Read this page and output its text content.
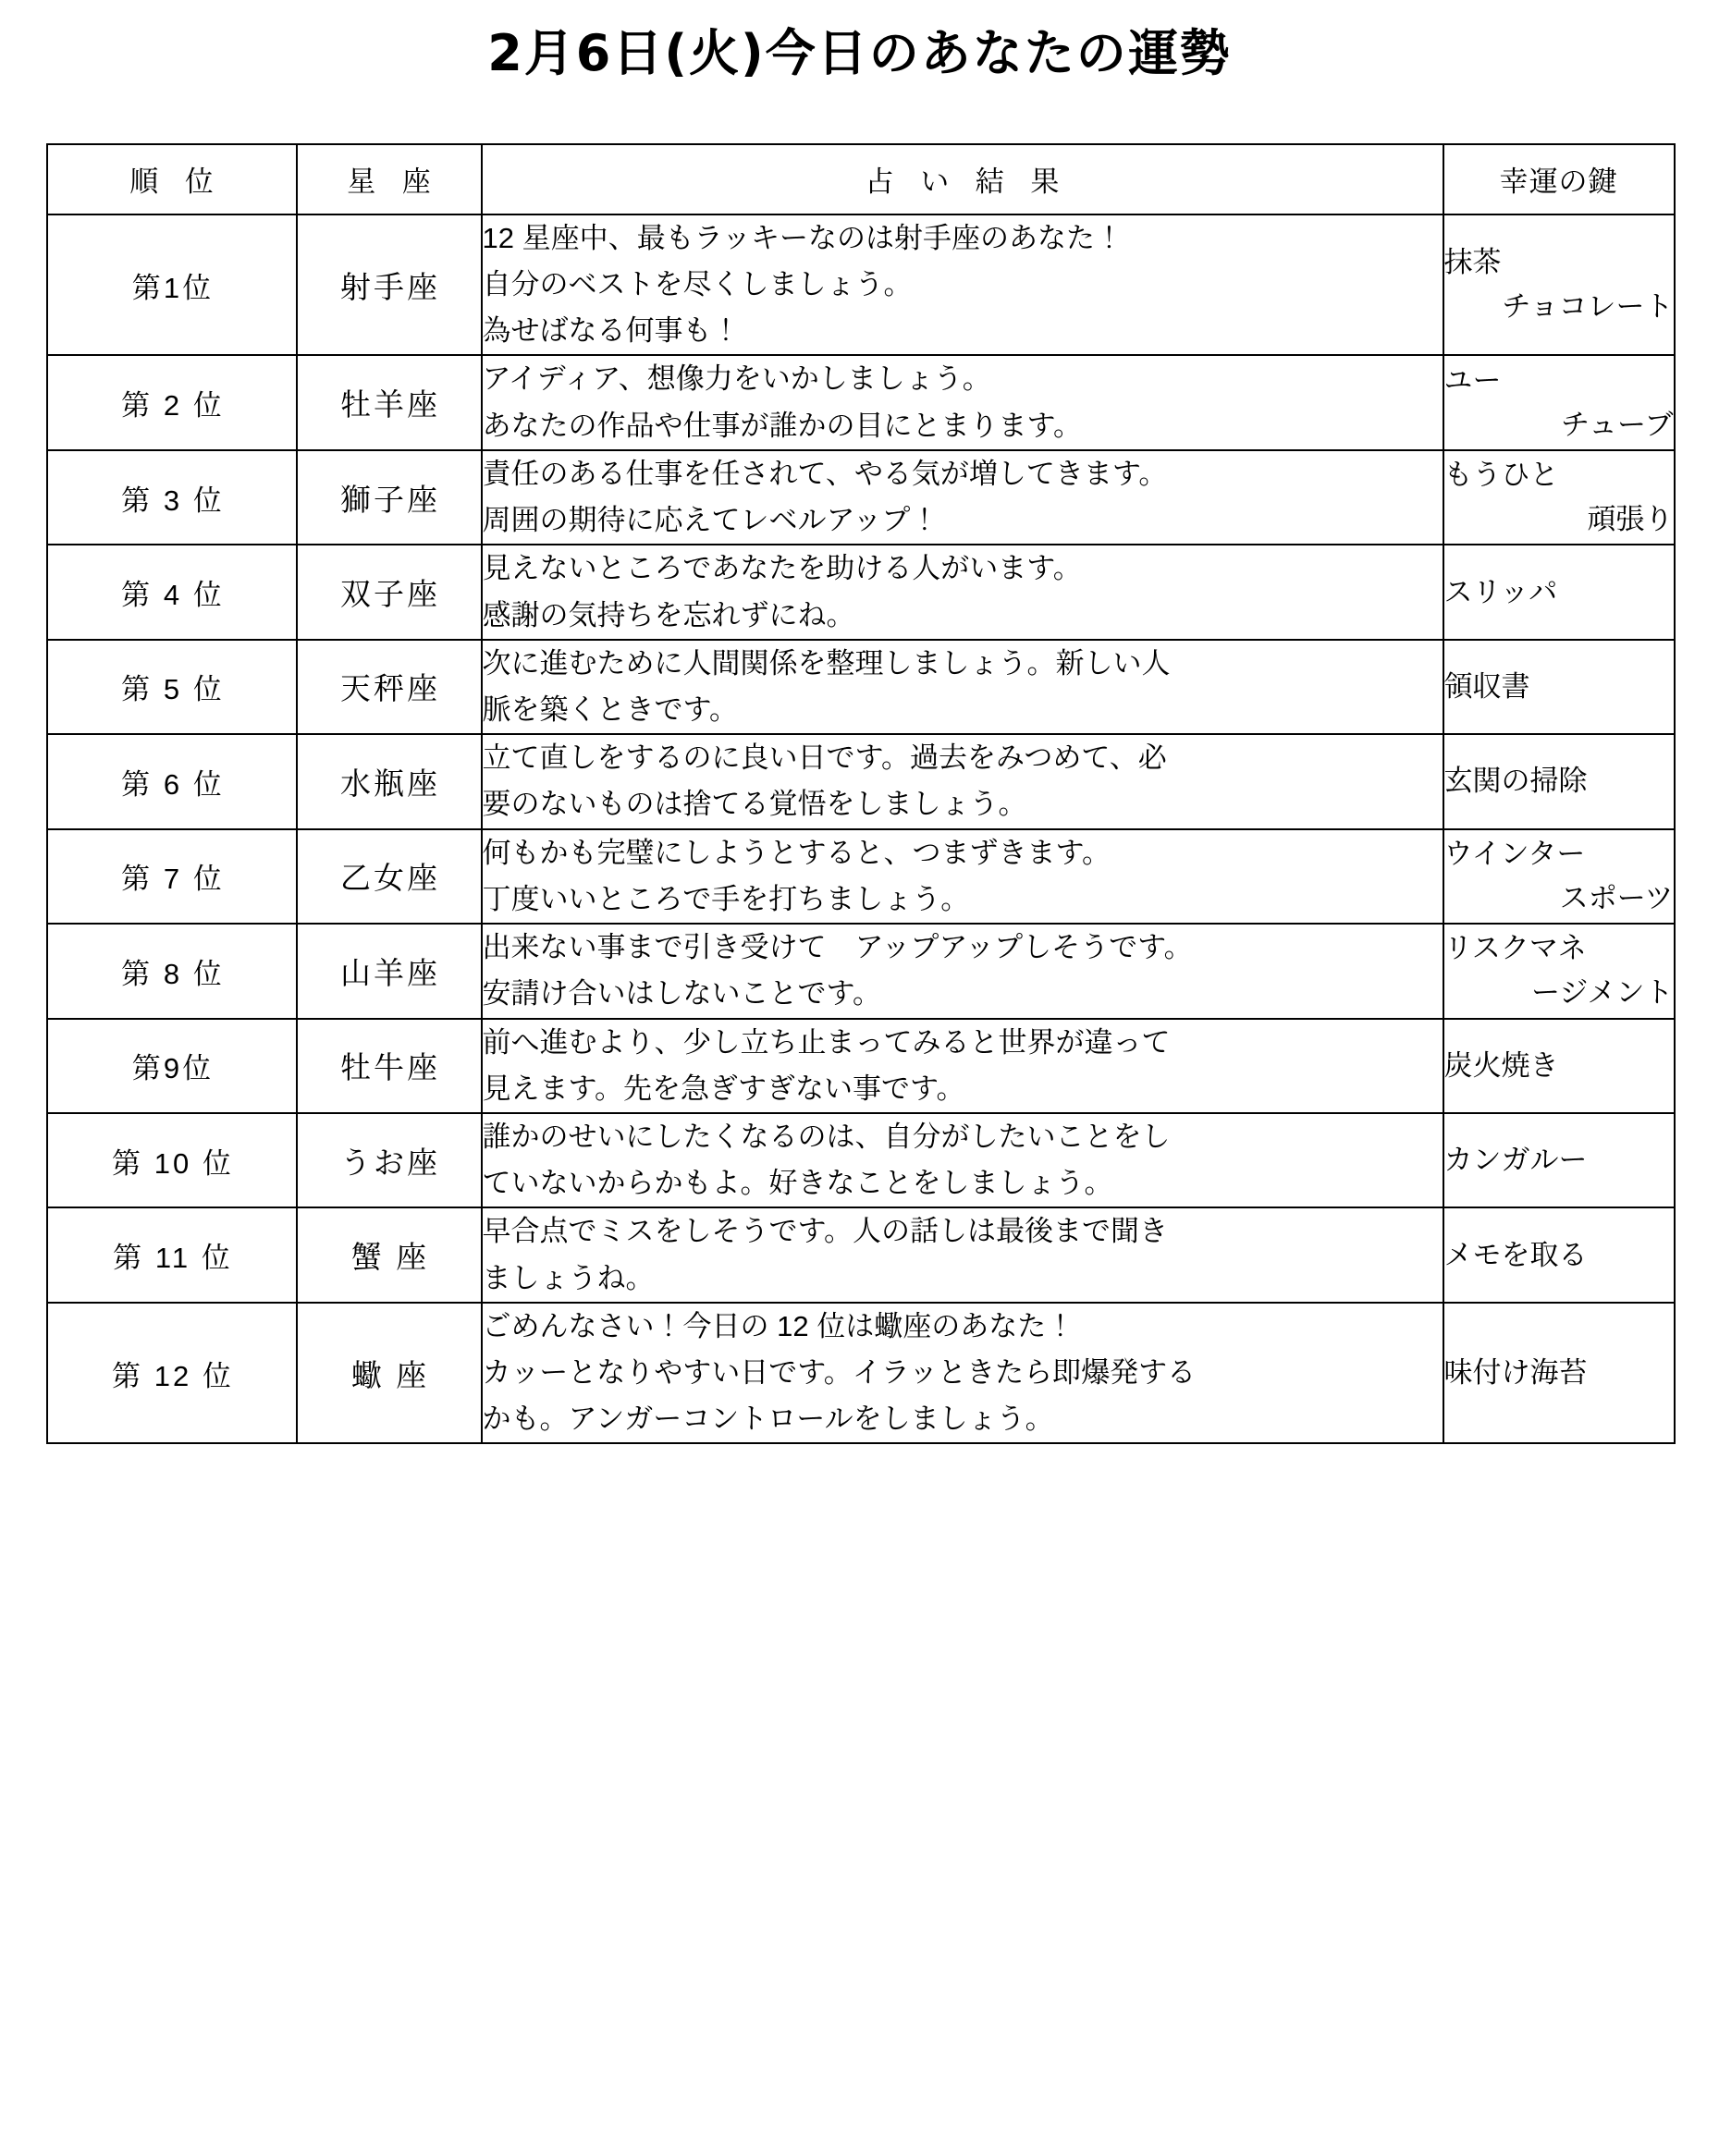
2月6日(火)今日のあなたの運勢
順 位	星 座	占 い 結 果	幸運の鍵
第1位	射手座	12 星座中、最もラッキーなのは射手座のあなた！
自分のベストを尽くしましょう。
為せばなる何事も！	抹茶
チョコレート

第 2 位	牡羊座	アイディア、想像力をいかしましょう。
あなたの作品や仕事が誰かの目にとまります。	ユー
チューブ

第 3 位	獅子座	責任のある仕事を任されて、やる気が増してきます。
周囲の期待に応えてレベルアップ！	もうひと
頑張り

第 4 位	双子座	見えないところであなたを助ける人がいます。
感謝の気持ちを忘れずにね。	スリッパ

第 5 位	天秤座	次に進むために人間関係を整理しましょう。新しい人
脈を築くときです。	領収書

第 6 位	水瓶座	立て直しをするのに良い日です。過去をみつめて、必
要のないものは捨てる覚悟をしましょう。	玄関の掃除

第 7 位	乙女座	何もかも完璧にしようとすると、つまずきます。
丁度いいところで手を打ちましょう。	ウインター
スポーツ

第 8 位	山羊座	出来ない事まで引き受けて　アップアップしそうです。
安請け合いはしないことです。	リスクマネ
ージメント

第9位	牡牛座	前へ進むより、少し立ち止まってみると世界が違って
見えます。先を急ぎすぎない事です。	炭火焼き

第 10 位	うお座	誰かのせいにしたくなるのは、自分がしたいことをし
ていないからかもよ。好きなことをしましょう。	カンガルー

第 11 位	蟹 座	早合点でミスをしそうです。人の話しは最後まで聞き
ましょうね。	メモを取る

第 12 位	蠍 座	ごめんなさい！今日の 12 位は蠍座のあなた！
カッーとなりやすい日です。イラッときたら即爆発する
かも。アンガーコントロールをしましょう。	味付け海苔
